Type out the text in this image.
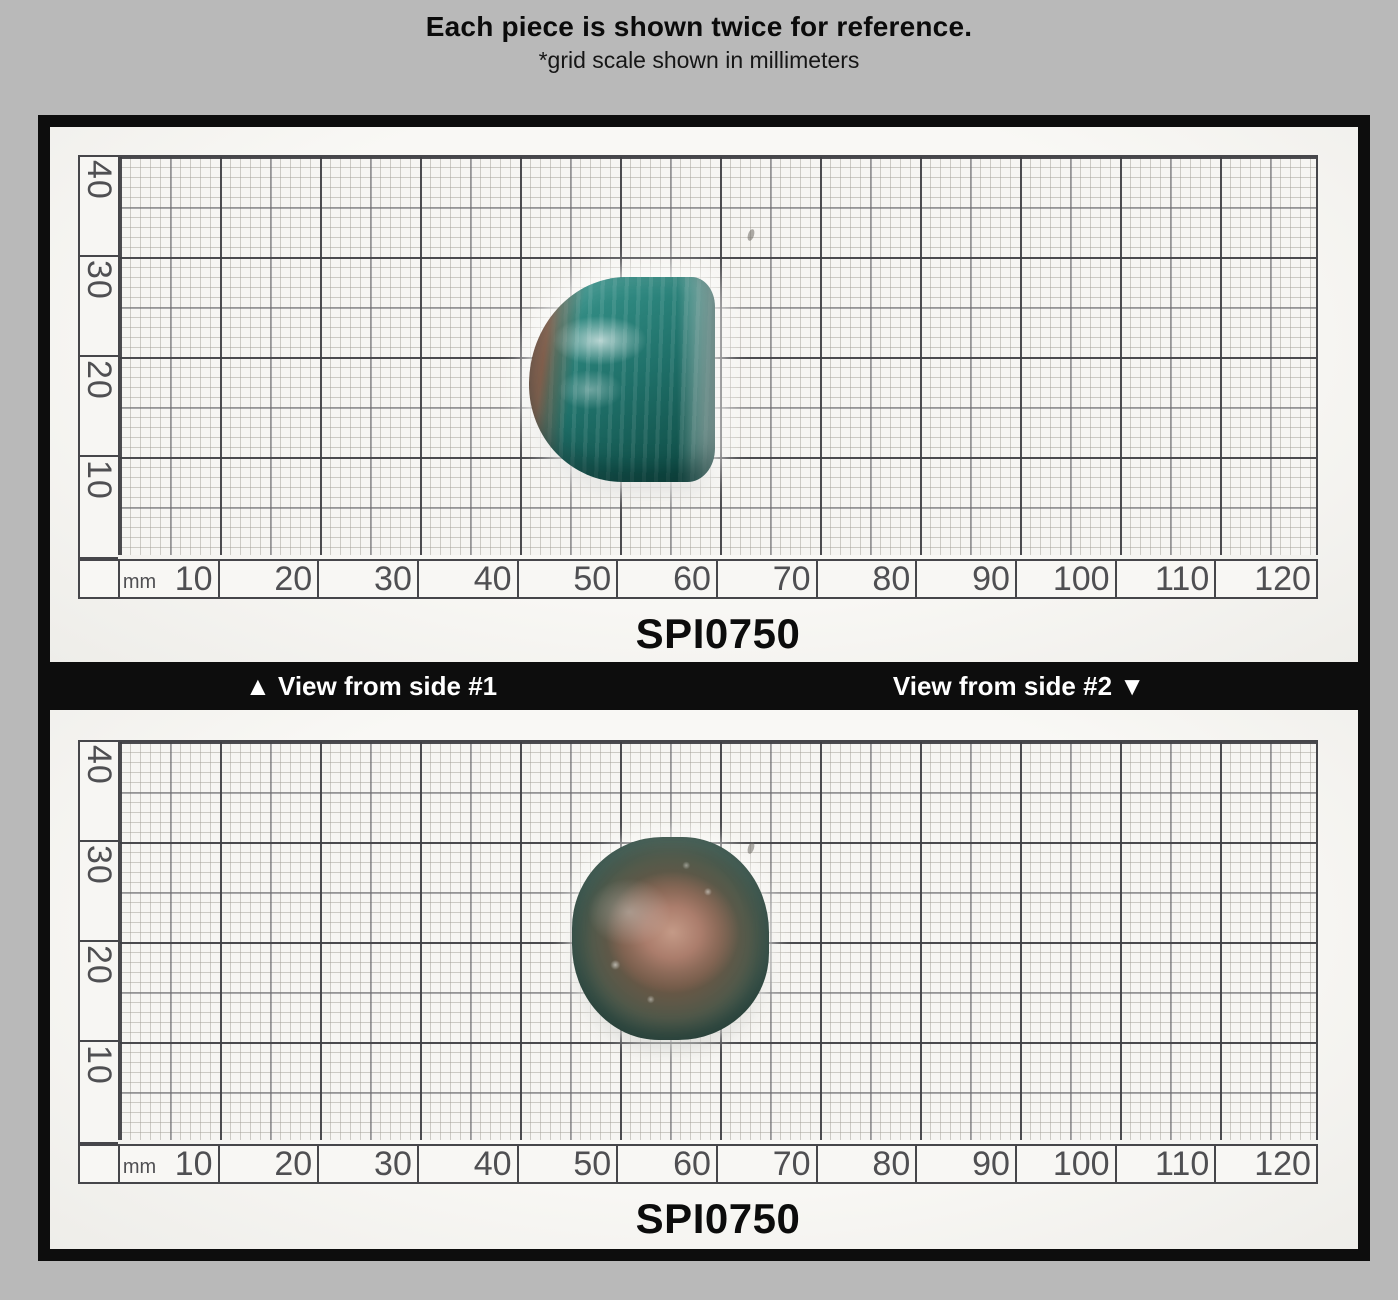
Each piece is shown twice for reference.
*grid scale shown in millimeters
40
30
20
10
mm 10 20 30 40 50 60 70 80 90 100 110 120
SPI0750
▲ View from side #1	View from side #2 ▼
40
30
20
10
mm 10 20 30 40 50 60 70 80 90 100 110 120
SPI0750
